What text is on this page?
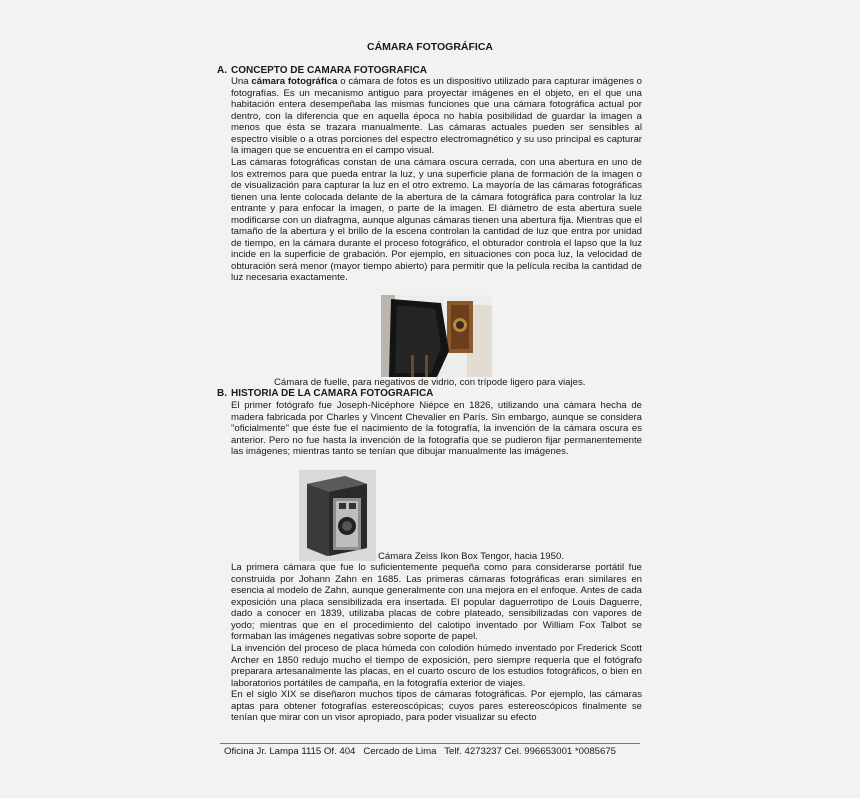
CÁMARA FOTOGRÁFICA
A. CONCEPTO DE CAMARA FOTOGRAFICA

Una cámara fotográfica o cámara de fotos es un dispositivo utilizado para capturar imágenes o fotografías. Es un mecanismo antiguo para proyectar imágenes en el objeto, en el que una habitación entera desempeñaba las mismas funciones que una cámara fotográfica actual por dentro, con la diferencia que en aquella época no había posibilidad de guardar la imagen a menos que ésta se trazara manualmente. Las cámaras actuales pueden ser sensibles al espectro visible o a otras porciones del espectro electromagnético y su uso principal es capturar la imagen que se encuentra en el campo visual.

Las cámaras fotográficas constan de una cámara oscura cerrada, con una abertura en uno de los extremos para que pueda entrar la luz, y una superficie plana de formación de la imagen o de visualización para capturar la luz en el otro extremo. La mayoría de las cámaras fotográficas tienen una lente colocada delante de la abertura de la cámara fotográfica para controlar la luz entrante y para enfocar la imagen, o parte de la imagen. El diámetro de esta abertura suele modificarse con un diafragma, aunque algunas cámaras tienen una abertura fija. Mientras que el tamaño de la abertura y el brillo de la escena controlan la cantidad de luz que entra por unidad de tiempo, en la cámara durante el proceso fotográfico, el obturador controla el lapso que la luz incide en la superficie de grabación. Por ejemplo, en situaciones con poca luz, la velocidad de obturación será menor (mayor tiempo abierto) para permitir que la película reciba la cantidad de luz necesaria exactamente.

Cámara de fuelle, para negativos de vidrio, con trípode ligero para viajes.
B. HISTORIA DE LA CAMARA FOTOGRAFICA

El primer fotógrafo fue Joseph-Nicéphore Niépce en 1826, utilizando una cámara hecha de madera fabricada por Charles y Vincent Chevalier en París. Sin embargo, aunque se considera "oficialmente" que éste fue el nacimiento de la fotografía, la invención de la cámara oscura es anterior. Pero no fue hasta la invención de la fotografía que se pudieron fijar permanentemente las imágenes; mientras tanto se tenían que dibujar manualmente las imágenes.

Cámara Zeiss Ikon Box Tengor, hacia 1950.

La primera cámara que fue lo suficientemente pequeña como para considerarse portátil fue construida por Johann Zahn en 1685. Las primeras cámaras fotográficas eran similares en esencia al modelo de Zahn, aunque generalmente con una mejora en el enfoque. Antes de cada exposición una placa sensibilizada era insertada. El popular daguerrotipo de Louis Daguerre, dado a conocer en 1839, utilizaba placas de cobre plateado, sensibilizadas con vapores de yodo; mientras que en el procedimiento del calotipo inventado por William Fox Talbot se formaban las imágenes negativas sobre soporte de papel.

La invención del proceso de placa húmeda con colodión húmedo inventado por Frederick Scott Archer en 1850 redujo mucho el tiempo de exposición, pero siempre requería que el fotógrafo preparara artesanalmente las placas, en el cuarto oscuro de los estudios fotográficos, o bien en laboratorios portátiles de campaña, en la fotografía exterior de viajes.

En el siglo XIX se diseñaron muchos tipos de cámaras fotográficas. Por ejemplo, las cámaras aptas para obtener fotografías estereoscópicas; cuyos pares estereoscópicos finalmente se tenían que mirar con un visor apropiado, para poder visualizar su efecto

Oficina Jr. Lampa 1115 Of. 404   Cercado de Lima   Telf. 4273237 Cel. 996653001 *0085675
